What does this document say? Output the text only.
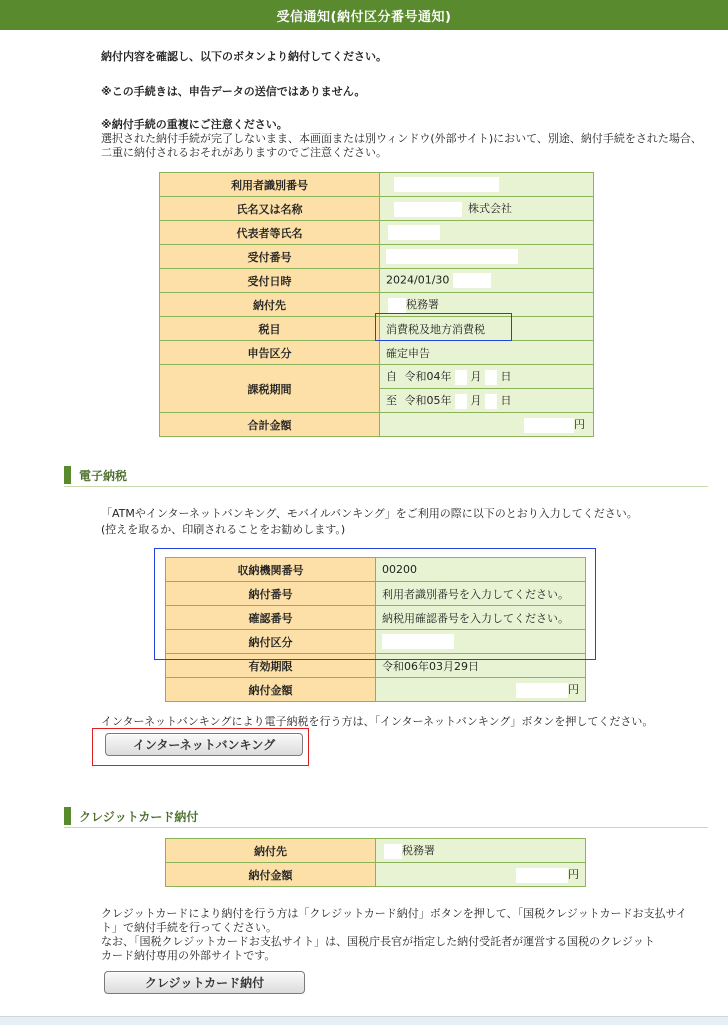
受信通知(納付区分番号通知)
納付内容を確認し、以下のボタンより納付してください。
※この手続きは、申告データの送信ではありません。
※納付手続の重複にご注意ください。
選択された納付手続が完了しないまま、本画面または別ウィンドウ(外部サイト)において、別途、納付手続をされた場合、
二重に納付されるおそれがありますのでご注意ください。
利用者識別番号	
氏名又は名称	株式会社
代表者等氏名	
受付番号	
受付日時	2024/01/30
納付先	税務署
税目	消費税及地方消費税
申告区分	確定申告
課税期間	自 令和04年 月 日
	至 令和05年 月 日
合計金額	円
電子納税
「ATMやインターネットバンキング、モバイルバンキング」をご利用の際に以下のとおり入力してください。
(控えを取るか、印刷されることをお勧めします。)
収納機関番号	00200
納付番号	利用者識別番号を入力してください。
確認番号	納税用確認番号を入力してください。
納付区分	
有効期限	令和06年03月29日
納付金額	円
インターネットバンキングにより電子納税を行う方は、「インターネットバンキング」ボタンを押してください。
インターネットバンキング
クレジットカード納付
納付先	税務署
納付金額	円
クレジットカードにより納付を行う方は「クレジットカード納付」ボタンを押して、「国税クレジットカードお支払サイ
ト」で納付手続を行ってください。
なお、「国税クレジットカードお支払サイト」は、国税庁長官が指定した納付受託者が運営する国税のクレジット
カード納付専用の外部サイトです。
クレジットカード納付
